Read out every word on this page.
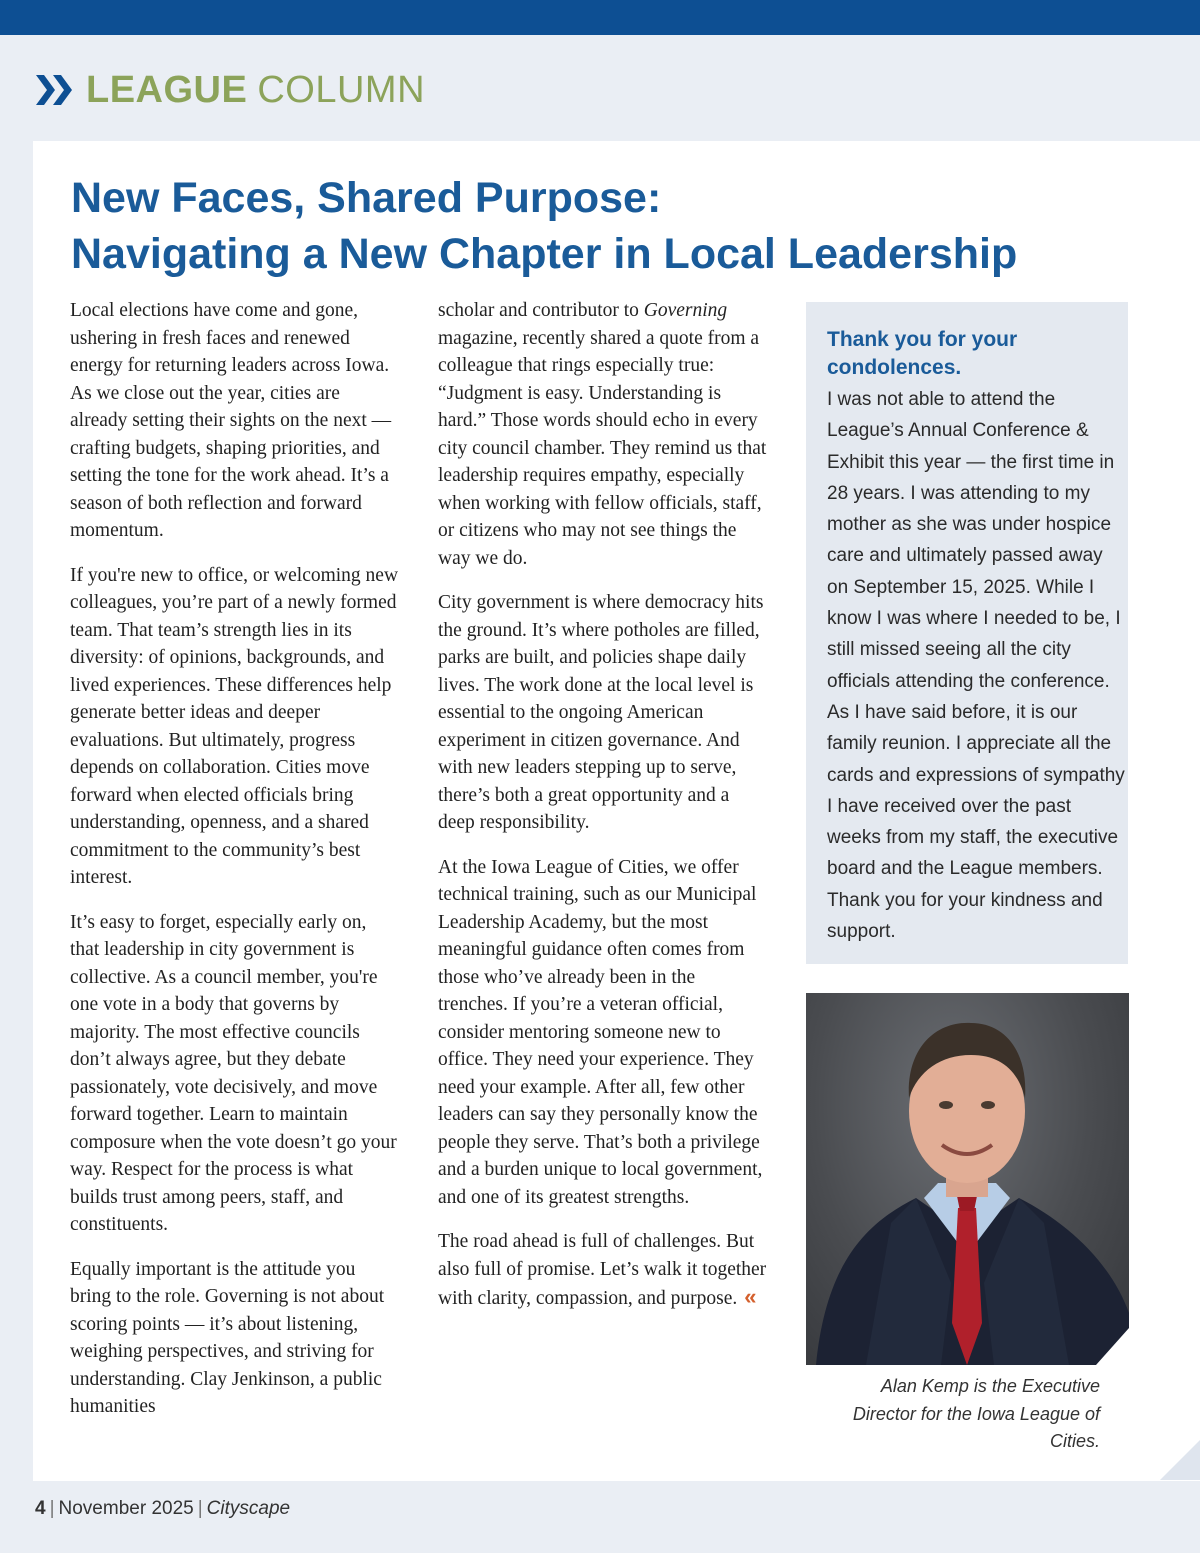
LEAGUE COLUMN
New Faces, Shared Purpose:
Navigating a New Chapter in Local Leadership

Local elections have come and gone, ushering in fresh faces and renewed energy for returning leaders across Iowa. As we close out the year, cities are already setting their sights on the next — crafting budgets, shaping priorities, and setting the tone for the work ahead. It’s a season of both reflection and forward momentum.

If you're new to office, or welcoming new colleagues, you’re part of a newly formed team. That team’s strength lies in its diversity: of opinions, backgrounds, and lived experiences. These differences help generate better ideas and deeper evaluations. But ultimately, progress depends on collaboration. Cities move forward when elected officials bring understanding, openness, and a shared commitment to the community’s best interest.

It’s easy to forget, especially early on, that leadership in city government is collective. As a council member, you're one vote in a body that governs by majority. The most effective councils don’t always agree, but they debate passionately, vote decisively, and move forward together. Learn to maintain composure when the vote doesn’t go your way. Respect for the process is what builds trust among peers, staff, and constituents.

Equally important is the attitude you bring to the role. Governing is not about scoring points — it’s about listening, weighing perspectives, and striving for understanding. Clay Jenkinson, a public humanities

scholar and contributor to Governing magazine, recently shared a quote from a colleague that rings especially true: “Judgment is easy. Understanding is hard.” Those words should echo in every city council chamber. They remind us that leadership requires empathy, especially when working with fellow officials, staff, or citizens who may not see things the way we do.

City government is where democracy hits the ground. It’s where potholes are filled, parks are built, and policies shape daily lives. The work done at the local level is essential to the ongoing American experiment in citizen governance. And with new leaders stepping up to serve, there’s both a great opportunity and a deep responsibility.

At the Iowa League of Cities, we offer technical training, such as our Municipal Leadership Academy, but the most meaningful guidance often comes from those who’ve already been in the trenches. If you’re a veteran official, consider mentoring someone new to office. They need your experience. They need your example. After all, few other leaders can say they personally know the people they serve. That’s both a privilege and a burden unique to local government, and one of its greatest strengths.

The road ahead is full of challenges. But also full of promise. Let’s walk it together with clarity, compassion, and purpose. «

Thank you for your condolences.
I was not able to attend the League’s Annual Conference & Exhibit this year — the first time in 28 years. I was attending to my mother as she was under hospice care and ultimately passed away on September 15, 2025. While I know I was where I needed to be, I still missed seeing all the city officials attending the conference. As I have said before, it is our family reunion. I appreciate all the cards and expressions of sympathy I have received over the past weeks from my staff, the executive board and the League members. Thank you for your kindness and support.
Alan Kemp is the Executive Director for the Iowa League of Cities.
4 | November 2025 | Cityscape
